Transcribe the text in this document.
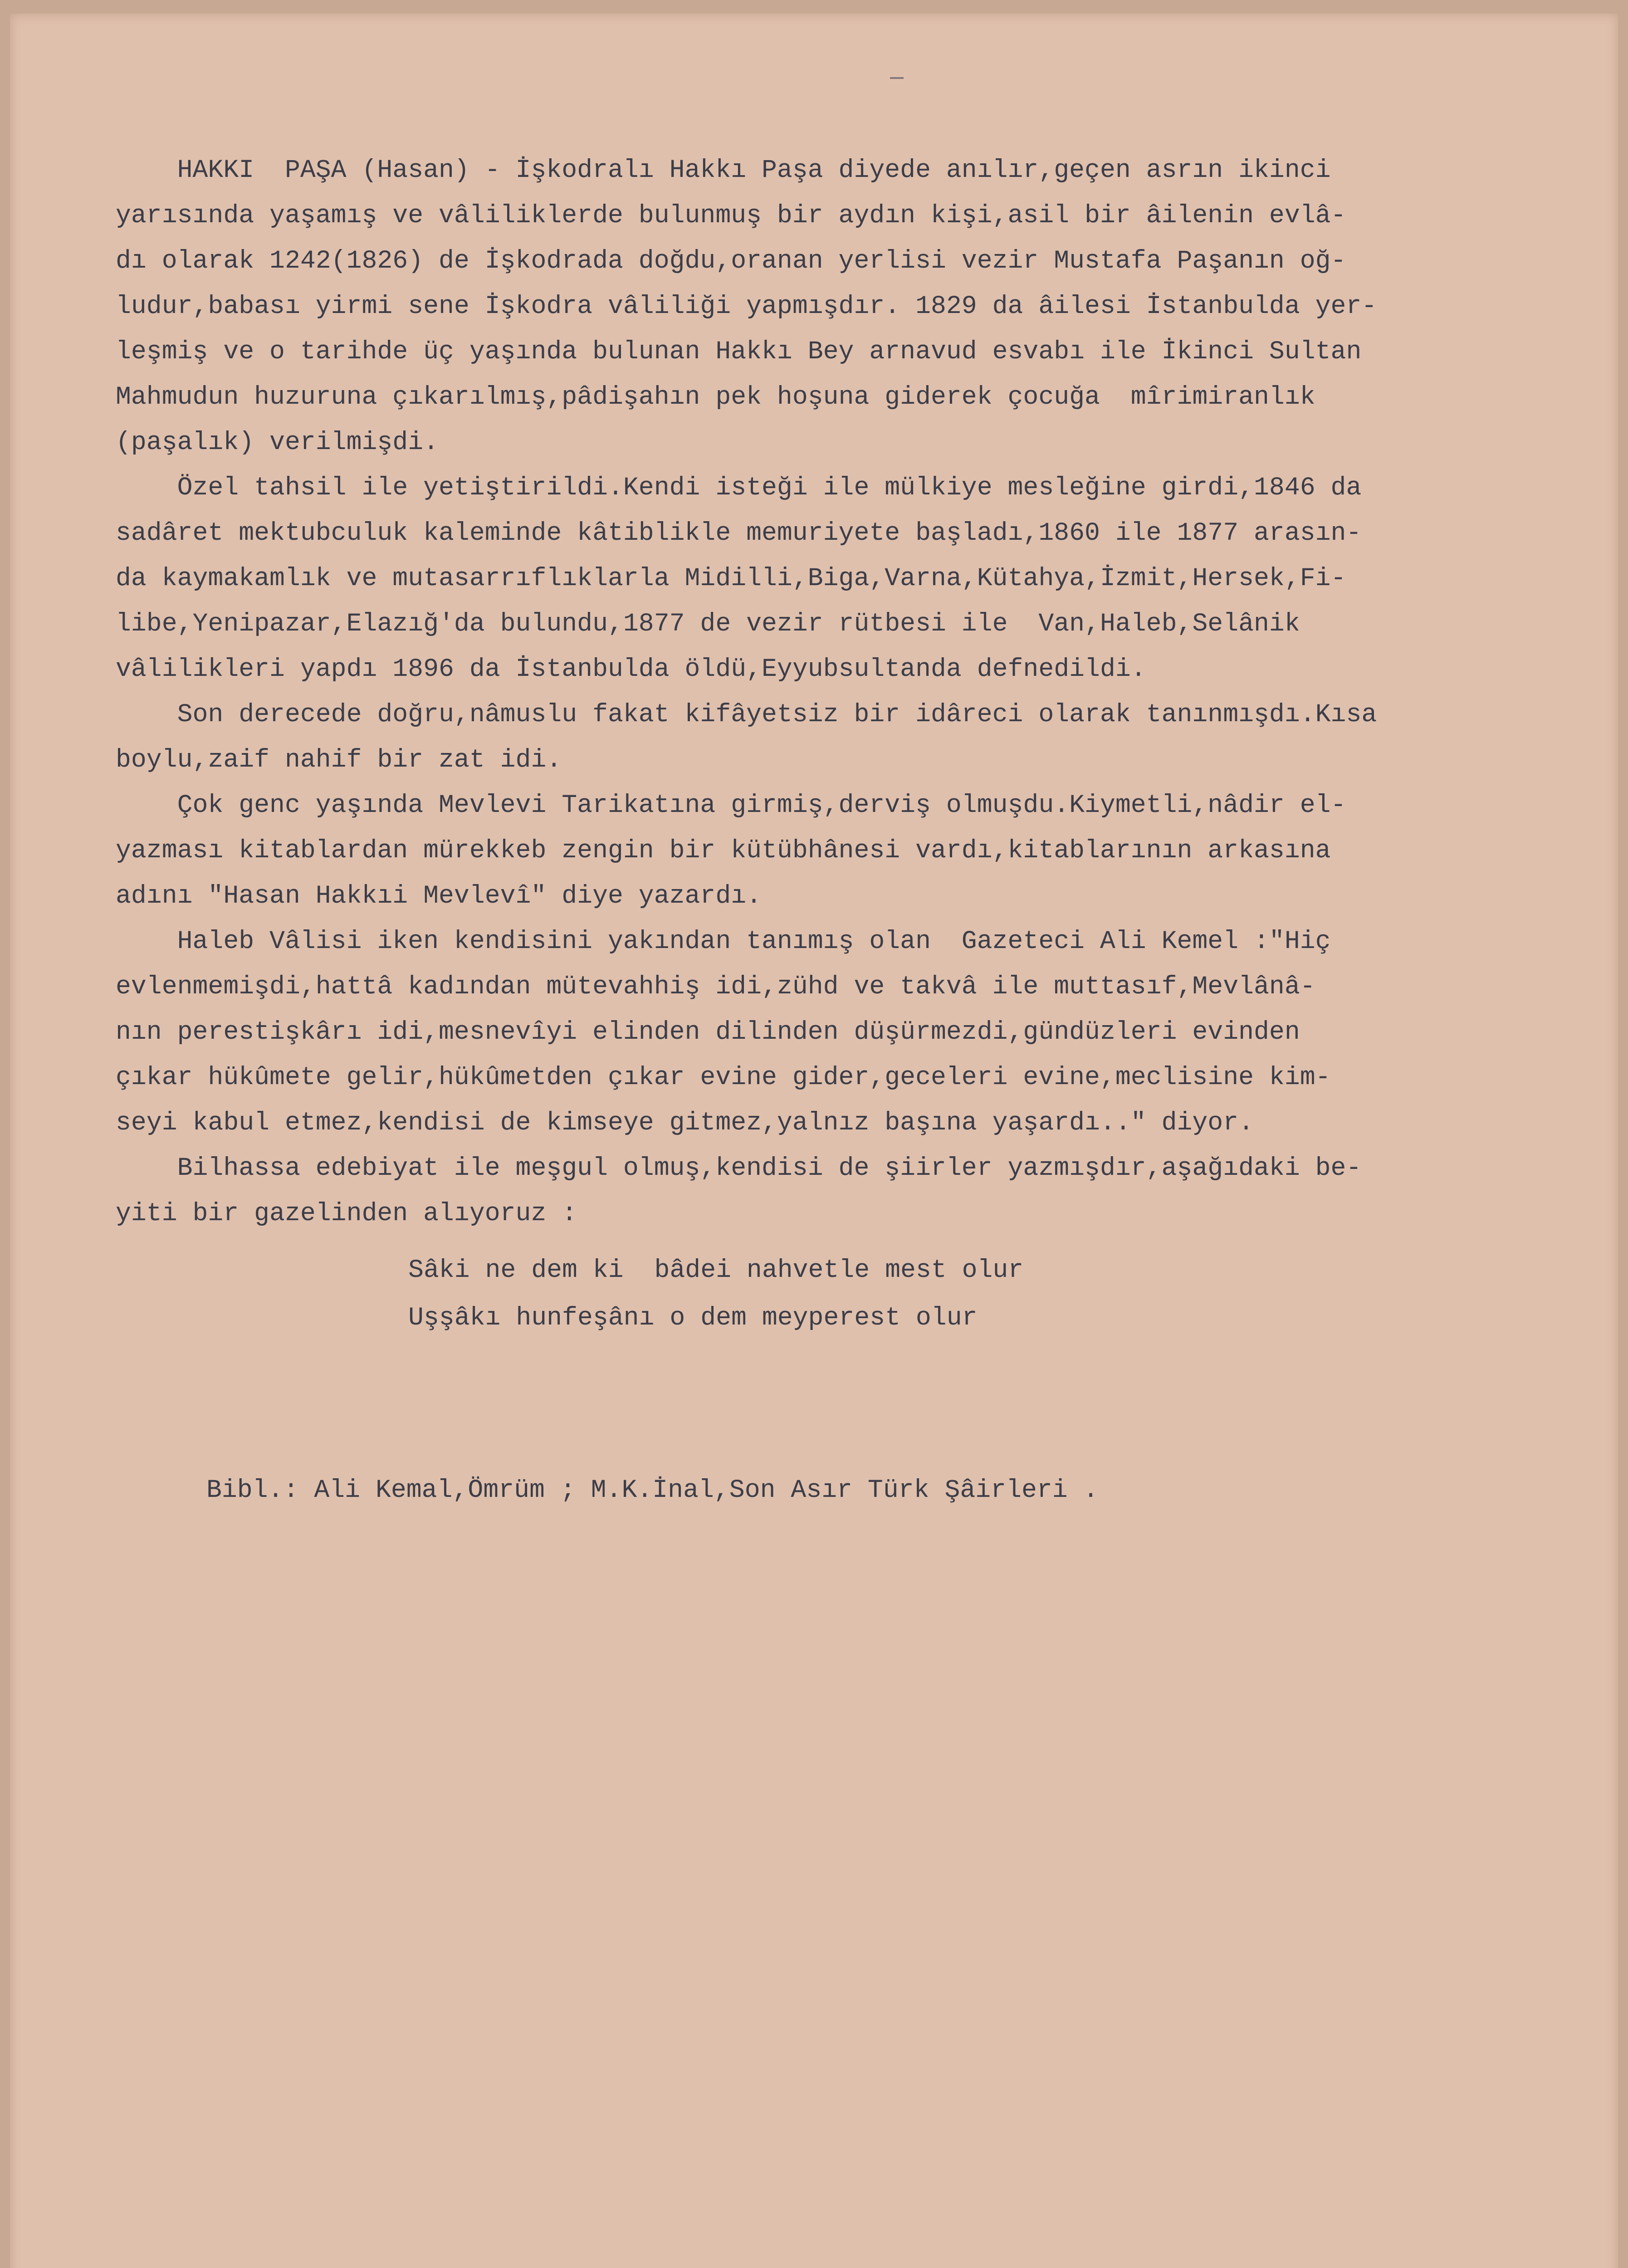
HAKKI  PAŞA (Hasan) - İşkodralı Hakkı Paşa diyede anılır,geçen asrın ikinci
yarısında yaşamış ve vâliliklerde bulunmuş bir aydın kişi,asil bir âilenin evlâ-
dı olarak 1242(1826) de İşkodrada doğdu,oranan yerlisi vezir Mustafa Paşanın oğ-
ludur,babası yirmi sene İşkodra vâliliği yapmışdır. 1829 da âilesi İstanbulda yer-
leşmiş ve o tarihde üç yaşında bulunan Hakkı Bey arnavud esvabı ile İkinci Sultan
Mahmudun huzuruna çıkarılmış,pâdişahın pek hoşuna giderek çocuğa  mîrimiranlık
(paşalık) verilmişdi.
Özel tahsil ile yetiştirildi.Kendi isteği ile mülkiye mesleğine girdi,1846 da
sadâret mektubculuk kaleminde kâtiblikle memuriyete başladı,1860 ile 1877 arasın-
da kaymakamlık ve mutasarrıflıklarla Midilli,Biga,Varna,Kütahya,İzmit,Hersek,Fi-
libe,Yenipazar,Elazığ'da bulundu,1877 de vezir rütbesi ile  Van,Haleb,Selânik
vâlilikleri yapdı 1896 da İstanbulda öldü,Eyyubsultanda defnedildi.
Son derecede doğru,nâmuslu fakat kifâyetsiz bir idâreci olarak tanınmışdı.Kısa
boylu,zaif nahif bir zat idi.
Çok genc yaşında Mevlevi Tarikatına girmiş,derviş olmuşdu.Kiymetli,nâdir el-
yazması kitablardan mürekkeb zengin bir kütübhânesi vardı,kitablarının arkasına
adını "Hasan Hakkıi Mevlevî" diye yazardı.
Haleb Vâlisi iken kendisini yakından tanımış olan  Gazeteci Ali Kemel :"Hiç
evlenmemişdi,hattâ kadından mütevahhiş idi,zühd ve takvâ ile muttasıf,Mevlânâ-
nın perestişkârı idi,mesnevîyi elinden dilinden düşürmezdi,gündüzleri evinden
çıkar hükûmete gelir,hükûmetden çıkar evine gider,geceleri evine,meclisine kim-
seyi kabul etmez,kendisi de kimseye gitmez,yalnız başına yaşardı.." diyor.
Bilhassa edebiyat ile meşgul olmuş,kendisi de şiirler yazmışdır,aşağıdaki be-
yiti bir gazelinden alıyoruz :
Sâki ne dem ki  bâdei nahvetle mest olur
Uşşâkı hunfeşânı o dem meyperest olur
Bibl.: Ali Kemal,Ömrüm ; M.K.İnal,Son Asır Türk Şâirleri .
